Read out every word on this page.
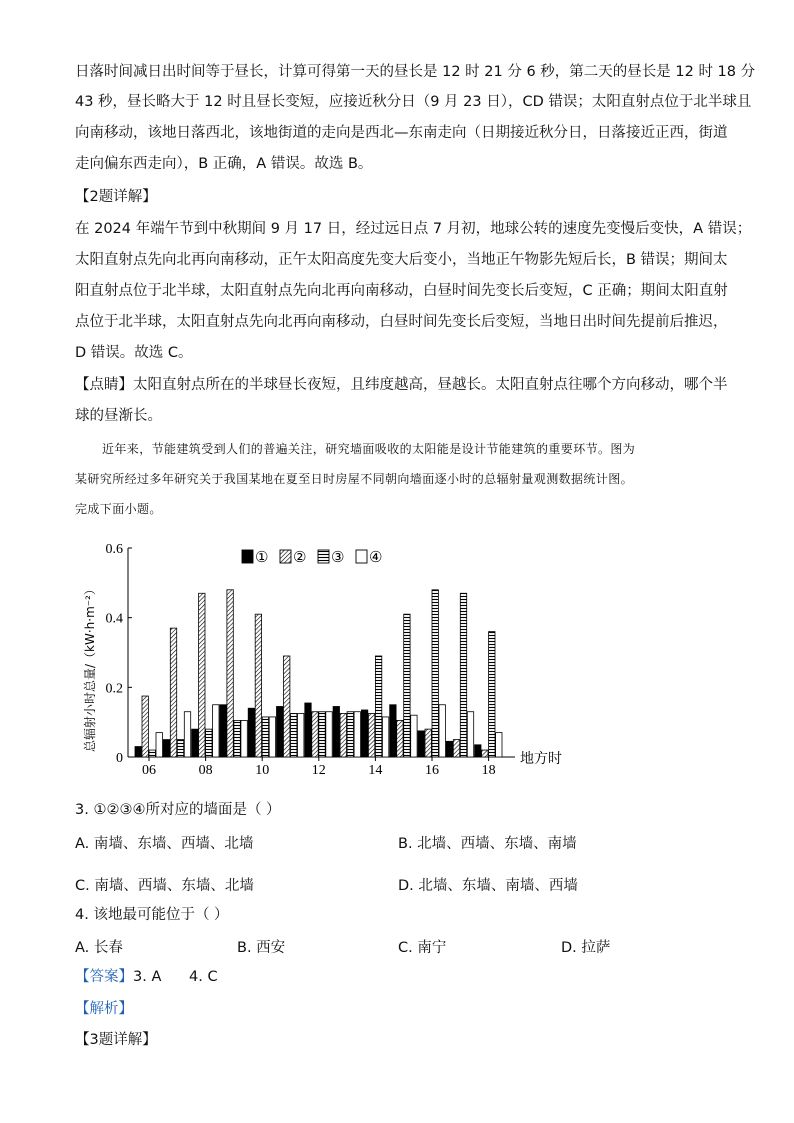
日落时间减日出时间等于昼长，计算可得第一天的昼长是 12 时 21 分 6 秒，第二天的昼长是 12 时 18 分
43 秒，昼长略大于 12 时且昼长变短，应接近秋分日（9 月 23 日），CD 错误；太阳直射点位于北半球且
向南移动，该地日落西北，该地街道的走向是西北—东南走向（日期接近秋分日，日落接近正西，街道
走向偏东西走向），B 正确，A 错误。故选 B。
【2题详解】
在 2024 年端午节到中秋期间 9 月 17 日，经过远日点 7 月初，地球公转的速度先变慢后变快，A 错误；
太阳直射点先向北再向南移动，正午太阳高度先变大后变小，当地正午物影先短后长，B 错误；期间太
阳直射点位于北半球，太阳直射点先向北再向南移动，白昼时间先变长后变短，C 正确；期间太阳直射
点位于北半球，太阳直射点先向北再向南移动，白昼时间先变长后变短，当地日出时间先提前后推迟，
D 错误。故选 C。
【点睛】太阳直射点所在的半球昼长夜短，且纬度越高，昼越长。太阳直射点往哪个方向移动，哪个半
球的昼渐长。
近年来，节能建筑受到人们的普遍关注，研究墙面吸收的太阳能是设计节能建筑的重要环节。图为
某研究所经过多年研究关于我国某地在夏至日时房屋不同朝向墙面逐小时的总辐射量观测数据统计图。
完成下面小题。
0
0.2
0.4
0.6
06	08	10	12	14	16	18
地方时
总辐射小时总量/（kW·h·m⁻²）
① ② ③ ④
3. ①②③④所对应的墙面是（ ）
A. 南墙、东墙、西墙、北墙	B. 北墙、西墙、东墙、南墙
C. 南墙、西墙、东墙、北墙	D. 北墙、东墙、南墙、西墙
4. 该地最可能位于（ ）
A. 长春	B. 西安	C. 南宁	D. 拉萨
【答案】3. A      4. C
【解析】
【3题详解】
